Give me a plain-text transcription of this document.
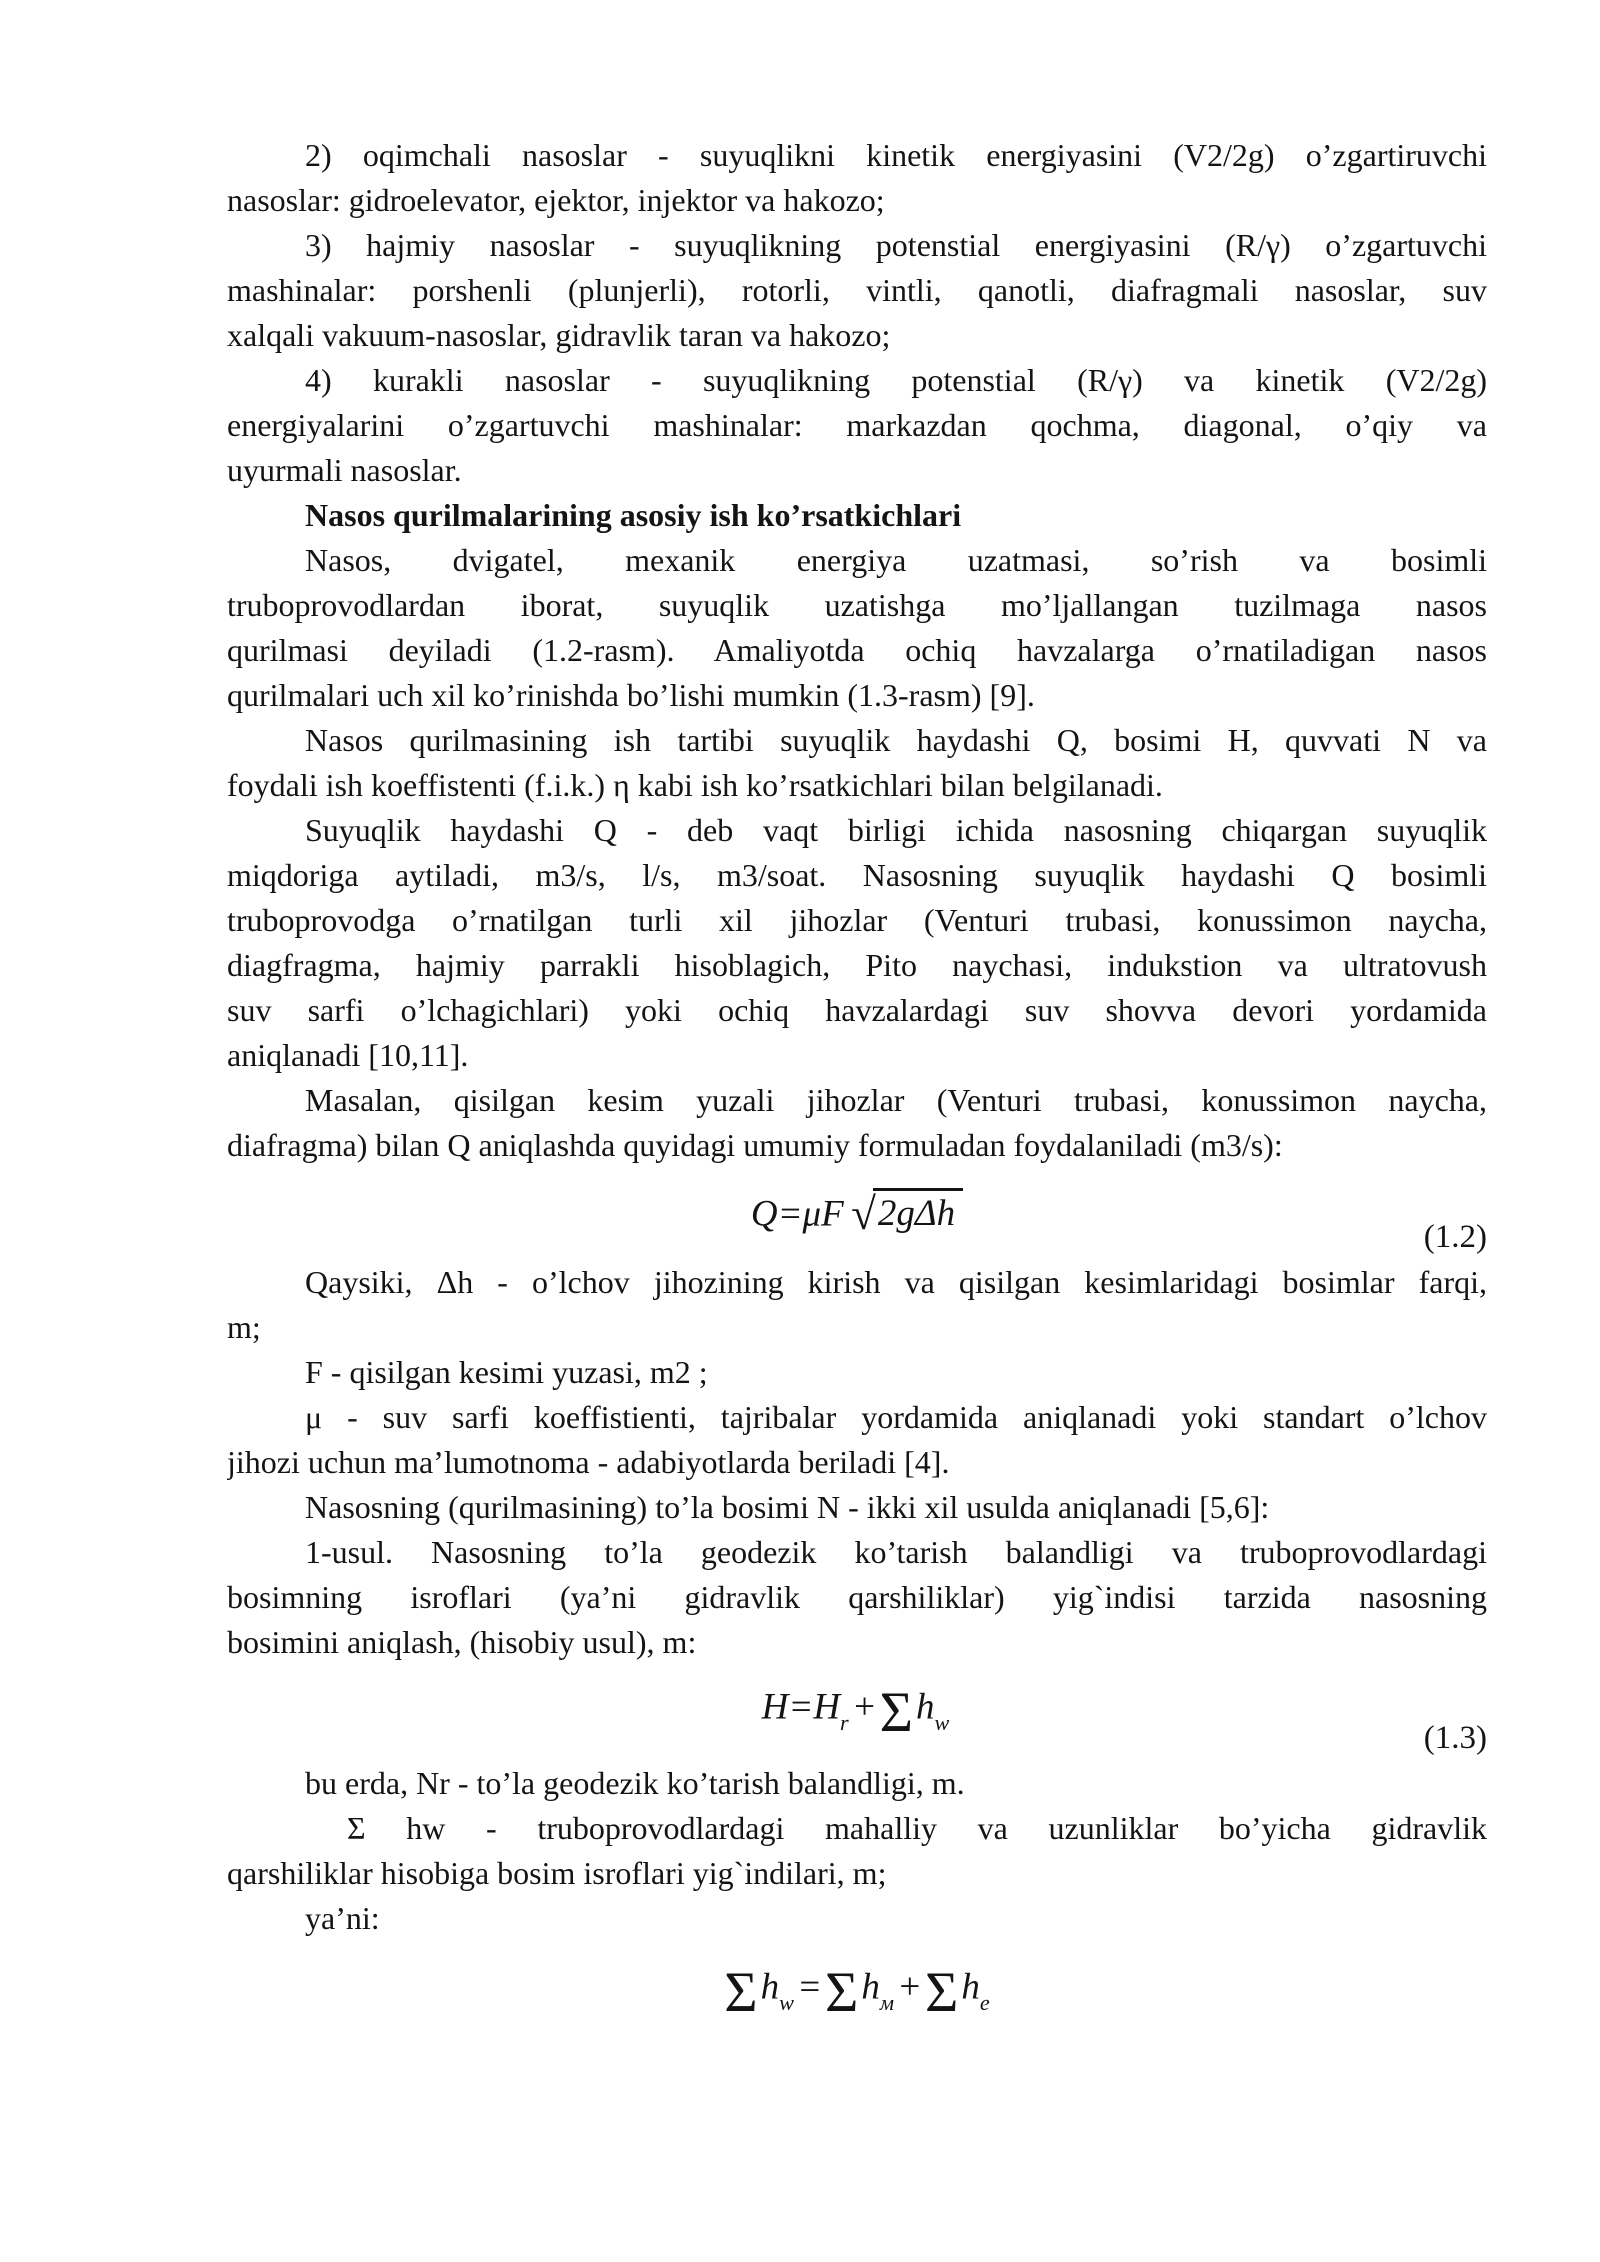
2) oqimchali nasoslar - suyuqlikni kinetik energiyasini (V2/2g) o’zgartiruvchi
nasoslar: gidroelevator, ejektor, injektor va hakozo;
3) hajmiy nasoslar - suyuqlikning potenstial energiyasini (R/γ) o’zgartuvchi
mashinalar: porshenli (plunjerli), rotorli, vintli, qanotli, diafragmali nasoslar, suv
xalqali vakuum-nasoslar, gidravlik taran va hakozo;
4) kurakli nasoslar - suyuqlikning potenstial (R/γ) va kinetik (V2/2g)
energiyalarini o’zgartuvchi mashinalar: markazdan qochma, diagonal, o’qiy va
uyurmali nasoslar.
Nasos qurilmalarining asosiy ish ko’rsatkichlari
Nasos, dvigatel, mexanik energiya uzatmasi, so’rish va bosimli
truboprovodlardan iborat, suyuqlik uzatishga mo’ljallangan tuzilmaga nasos
qurilmasi deyiladi (1.2-rasm). Amaliyotda ochiq havzalarga o’rnatiladigan nasos
qurilmalari uch xil ko’rinishda bo’lishi mumkin (1.3-rasm) [9].
Nasos qurilmasining ish tartibi suyuqlik haydashi Q, bosimi H, quvvati N va
foydali ish koeffistenti (f.i.k.) η kabi ish ko’rsatkichlari bilan belgilanadi.
Suyuqlik haydashi Q - deb vaqt birligi ichida nasosning chiqargan suyuqlik
miqdoriga aytiladi, m3/s, l/s, m3/soat. Nasosning suyuqlik haydashi Q bosimli
truboprovodga o’rnatilgan turli xil jihozlar (Venturi trubasi, konussimon naycha,
diagfragma, hajmiy parrakli hisoblagich, Pito naychasi, indukstion va ultratovush
suv sarfi o’lchagichlari) yoki ochiq havzalardagi suv shovva devori yordamida
aniqlanadi [10,11].
Masalan, qisilgan kesim yuzali jihozlar (Venturi trubasi, konussimon naycha,
diafragma) bilan Q aniqlashda quyidagi umumiy formuladan foydalaniladi (m3/s):
Q=μF √2gΔh
(1.2)
Qaysiki, Δh - o’lchov jihozining kirish va qisilgan kesimlaridagi bosimlar farqi,
m;
F - qisilgan kesimi yuzasi, m2 ;
μ - suv sarfi koeffistienti, tajribalar yordamida aniqlanadi yoki standart o’lchov
jihozi uchun ma’lumotnoma - adabiyotlarda beriladi [4].
Nasosning (qurilmasining) to’la bosimi N - ikki xil usulda aniqlanadi [5,6]:
1-usul. Nasosning to’la geodezik ko’tarish balandligi va truboprovodlardagi
bosimning isroflari (ya’ni gidravlik qarshiliklar) yig`indisi tarzida nasosning
bosimini aniqlash, (hisobiy usul), m:
$H=H_r+\Sigma h_w$	(1.3)
bu erda, Nr - to’la geodezik ko’tarish balandligi, m.
Σ hw - truboprovodlardagi mahalliy va uzunliklar bo’yicha gidravlik
qarshiliklar hisobiga bosim isroflari yig`indilari, m;
ya’ni:
$\Sigma h_w=\Sigma h_м+\Sigma h_e$
